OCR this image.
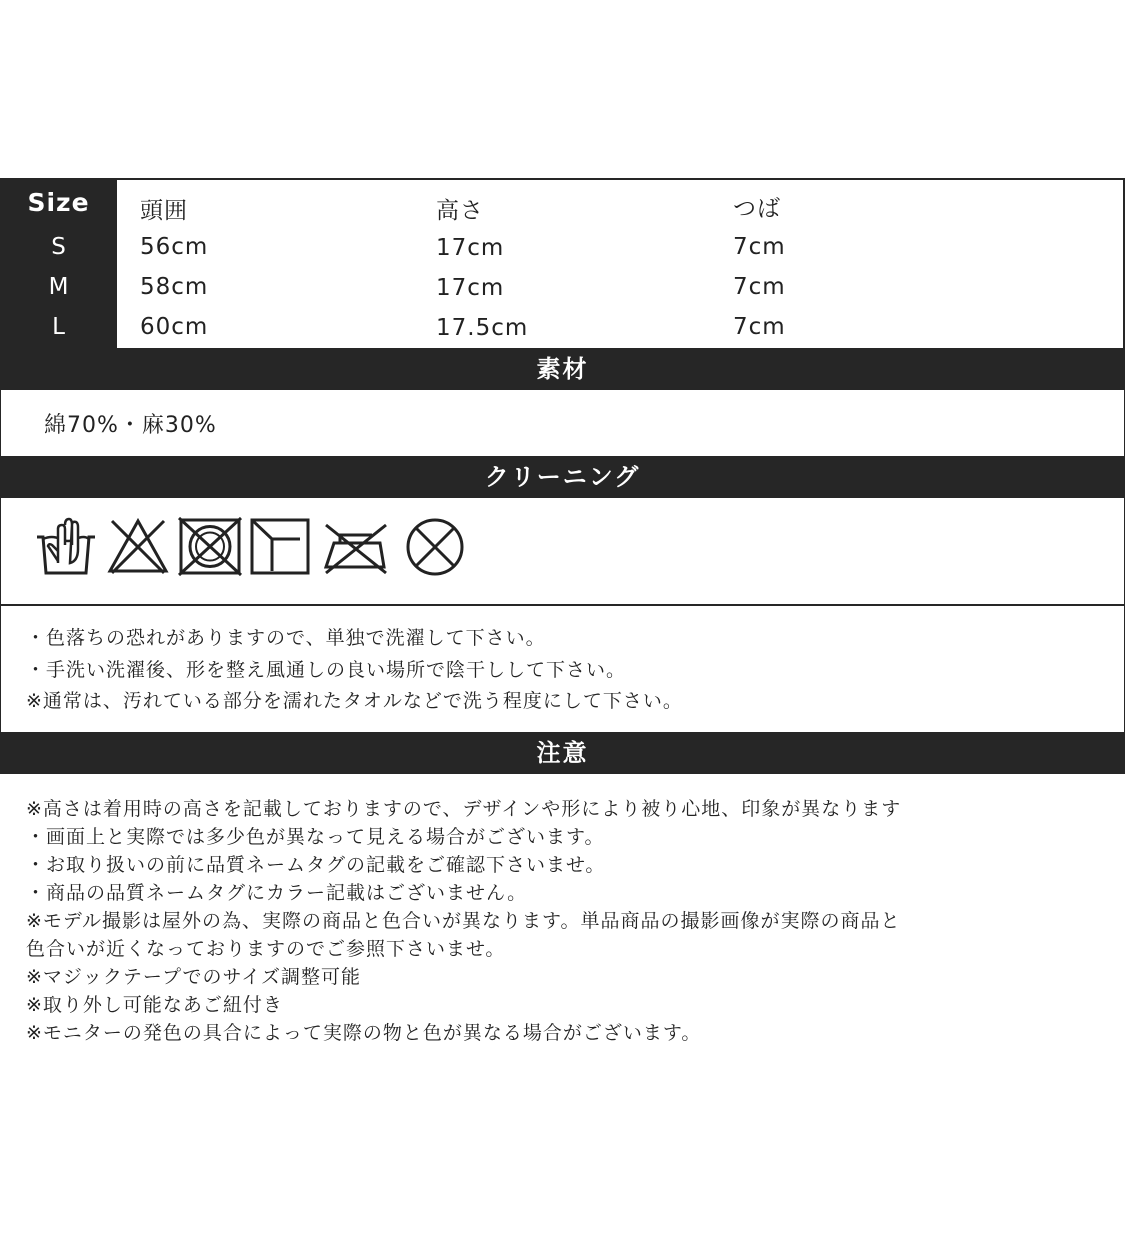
Size	頭囲	高さ	つば
S	56cm	17cm	7cm
M	58cm	17cm	7cm
L	60cm	17.5cm	7cm
素材
綿70%・麻30%
クリーニング
・色落ちの恐れがありますので、単独で洗濯して下さい。
・手洗い洗濯後、形を整え風通しの良い場所で陰干しして下さい。
※通常は、汚れている部分を濡れたタオルなどで洗う程度にして下さい。
注意
※高さは着用時の高さを記載しておりますので、デザインや形により被り心地、印象が異なります
・画面上と実際では多少色が異なって見える場合がございます。
・お取り扱いの前に品質ネームタグの記載をご確認下さいませ。
・商品の品質ネームタグにカラー記載はございません。
※モデル撮影は屋外の為、実際の商品と色合いが異なります。単品商品の撮影画像が実際の商品と
色合いが近くなっておりますのでご参照下さいませ。
※マジックテープでのサイズ調整可能
※取り外し可能なあご紐付き
※モニターの発色の具合によって実際の物と色が異なる場合がございます。
